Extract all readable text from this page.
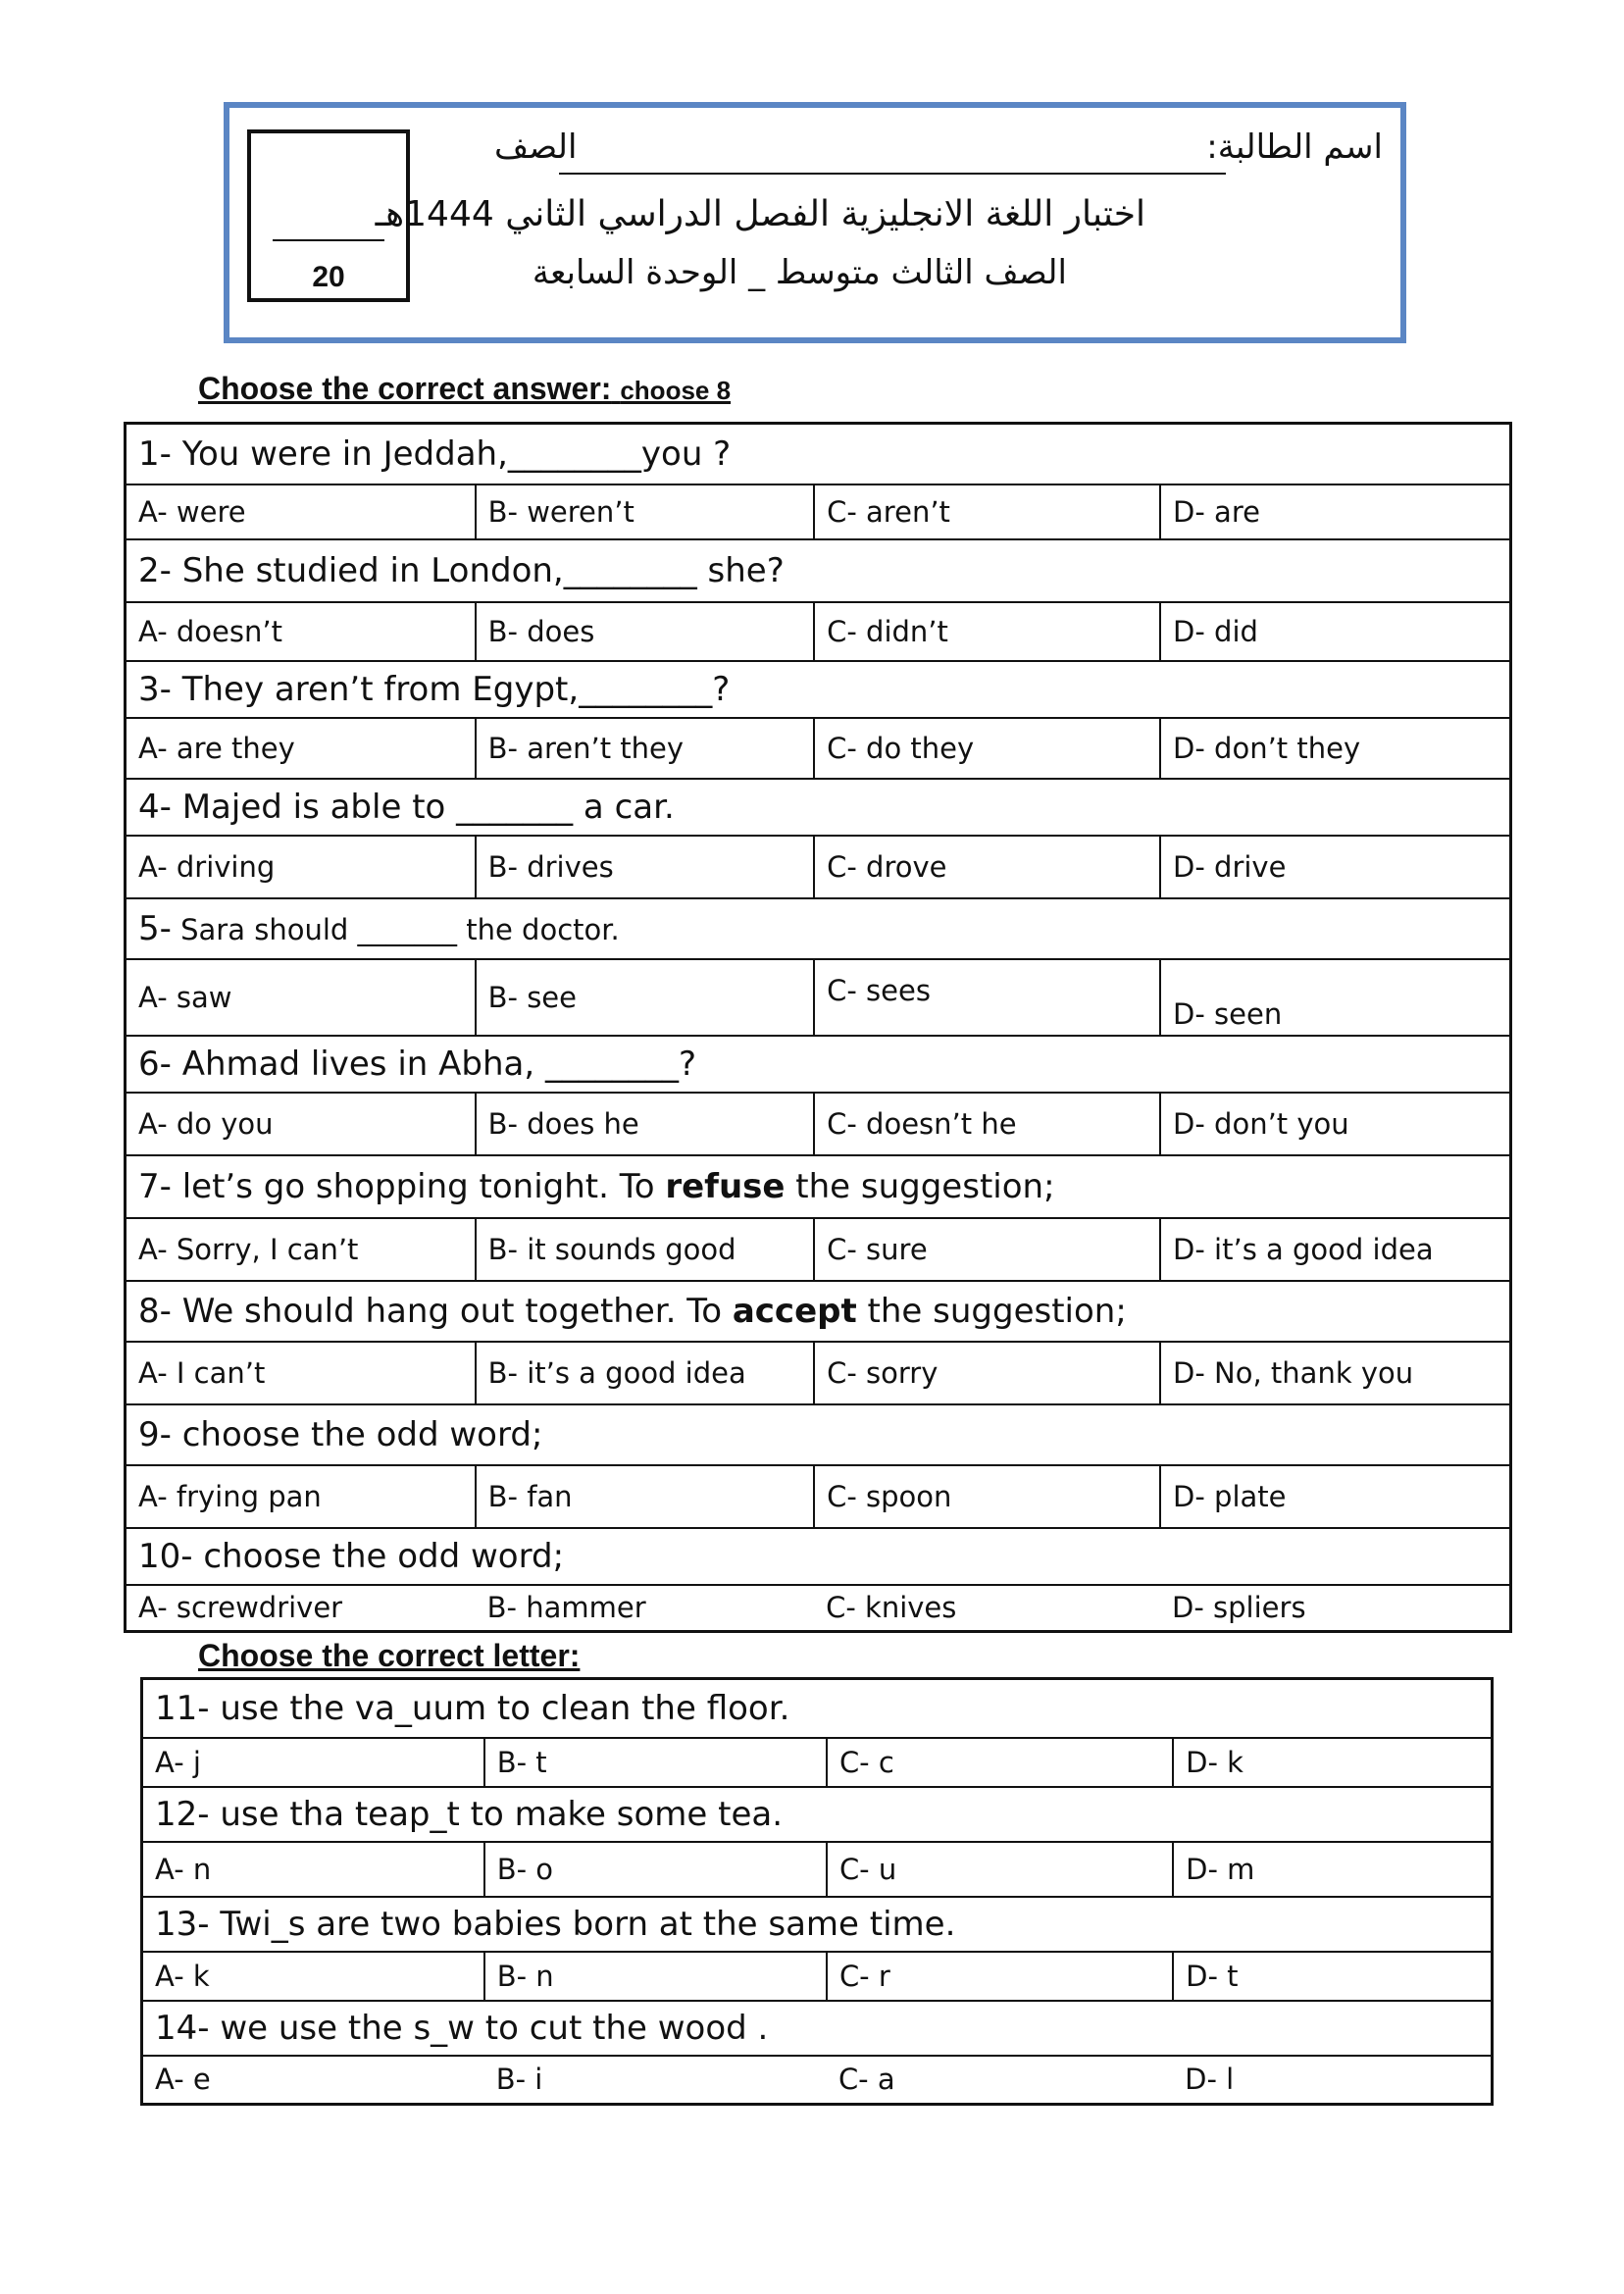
20
اسم الطالبة:
الصف
اختبار اللغة الانجليزية الفصل الدراسي الثاني 1444هـ
الصف الثالث متوسط _ الوحدة السابعة
Choose the correct answer: choose 8
1- You were in Jeddah,________you ?			
A- were	B- weren’t	C- aren’t	D- are
2- She studied in London,________ she?			
A- doesn’t	B- does	C- didn’t	D- did
3- They aren’t from Egypt,________?			
A- are they	B- aren’t they	C- do they	D- don’t they
4- Majed is able to _______ a car.			
A- driving	B- drives	C- drove	D- drive
5- Sara should _______ the doctor.			
A- saw	B- see	C- sees	D- seen
6- Ahmad lives in Abha, ________?			
A- do you	B- does he	C- doesn’t he	D- don’t you
7- let’s go shopping tonight. To refuse the suggestion;			
A- Sorry, I can’t	B- it sounds good	C- sure	D- it’s a good idea
8- We should hang out together. To accept the suggestion;			
A- I can’t	B- it’s a good idea	C- sorry	D- No, thank you
9- choose the odd word;			
A- frying pan	B- fan	C- spoon	D- plate
10- choose the odd word;			
A- screwdriver	B- hammer	C- knives	D- spliers
Choose the correct letter:
11- use the va_uum to clean the floor.			
A- j	B- t	C- c	D- k
12- use tha teap_t to make some tea.			
A- n	B- o	C- u	D- m
13- Twi_s are two babies born at the same time.			
A- k	B- n	C- r	D- t
14- we use the s_w to cut the wood .			
A- e	B- i	C- a	D- l
